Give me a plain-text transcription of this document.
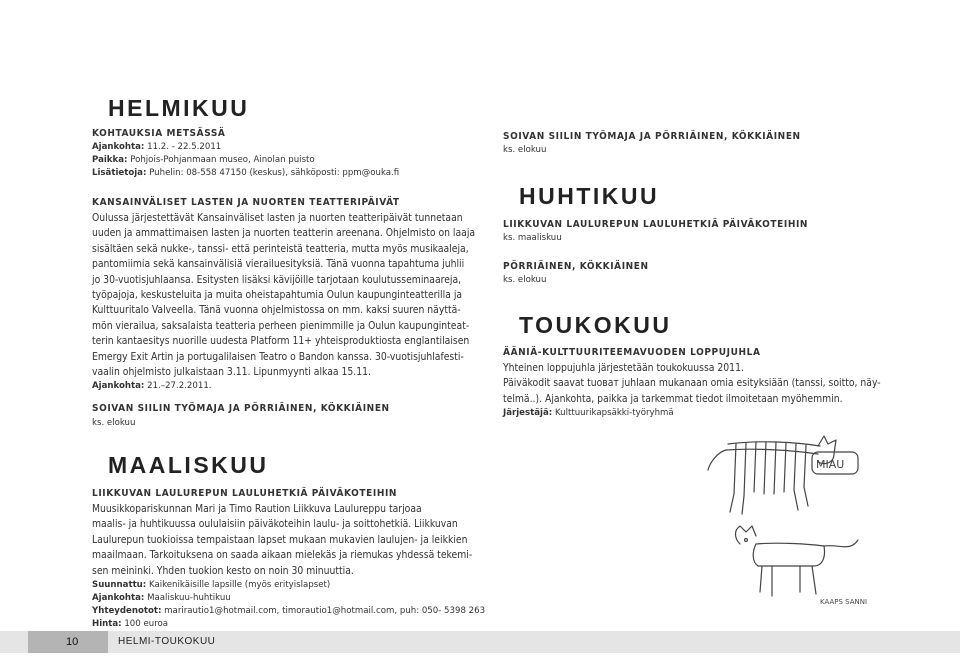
HELMIKUU
KOHTAUKSIA METSÄSSÄ
Ajankohta: 11.2. - 22.5.2011
Paikka: Pohjois-Pohjanmaan museo, Ainolan puisto
Lisätietoja: Puhelin: 08-558 47150 (keskus), sähköposti: ppm@ouka.fi
KANSAINVÄLISET LASTEN JA NUORTEN TEATTERIPÄIVÄT

Oulussa järjestettävät Kansainväliset lasten ja nuorten teatteripäivät tunnetaan
uuden ja ammattimaisen lasten ja nuorten teatterin areenana. Ohjelmisto on laaja
sisältäen sekä nukke-, tanssi- että perinteistä teatteria, mutta myös musikaaleja,
pantomiimia sekä kansainvälisiä vierailuesityksiä. Tänä vuonna tapahtuma juhlii
jo 30-vuotisjuhlaansa. Esitysten lisäksi kävijöille tarjotaan koulutusseminaareja,
työpajoja, keskusteluita ja muita oheistapahtumia Oulun kaupunginteatterilla ja
Kulttuuritalo Valveella. Tänä vuonna ohjelmistossa on mm. kaksi suuren näyttä-
mön vierailua, saksalaista teatteria perheen pienimmille ja Oulun kaupunginteat-
terin kantaesitys nuorille uudesta Platform 11+ yhteisproduktiosta englantilaisen
Emergy Exit Artin ja portugalilaisen Teatro o Bandon kanssa. 30-vuotisjuhlafesti-
vaalin ohjelmisto julkaistaan 3.11. Lipunmyynti alkaa 15.11.

Ajankohta: 21.–27.2.2011.
SOIVAN SIILIN TYÖMAJA JA PÖRRIÄINEN, KÖKKIÄINEN
ks. elokuu
MAALISKUU
LIIKKUVAN LAULUREPUN LAULUHETKIÄ PÄIVÄKOTEIHIN

Muusikkopariskunnan Mari ja Timo Raution Liikkuva Laulureppu tarjoaa
maalis- ja huhtikuussa oululaisiin päiväkoteihin laulu- ja soittohetkiä. Liikkuvan
Laulurepun tuokioissa tempaistaan lapset mukaan mukavien laulujen- ja leikkien
maailmaan. Tarkoituksena on saada aikaan mielekäs ja riemukas yhdessä tekemi-
sen meininki. Yhden tuokion kesto on noin 30 minuuttia.

Suunnattu: Kaikenikäisille lapsille (myös erityislapset)
Ajankohta: Maaliskuu-huhtikuu
Yhteydenotot: marirautio1@hotmail.com, timorautio1@hotmail.com, puh: 050- 5398 263
Hinta: 100 euroa
SOIVAN SIILIN TYÖMAJA JA PÖRRIÄINEN, KÖKKIÄINEN
ks. elokuu
HUHTIKUU
LIIKKUVAN LAULUREPUN LAULUHETKIÄ PÄIVÄKOTEIHIN
ks. maaliskuu
PÖRRIÄINEN, KÖKKIÄINEN
ks. elokuu
TOUKOKUU
ÄÄNIÄ-KULTTUURITEEMAVUODEN LOPPUJUHLA

Yhteinen loppujuhla järjestetään toukokuussa 2011.
Päiväkodit saavat tuoват juhlaan mukanaan omia esityksiään (tanssi, soitto, näy-
telmä..). Ajankohta, paikka ja tarkemmat tiedot ilmoitetaan myöhemmin.

Järjestäjä: Kulttuurikapsäkki-työryhmä
MIAU
KAAPS SANNI
10	HELMI-TOUKOKUU
